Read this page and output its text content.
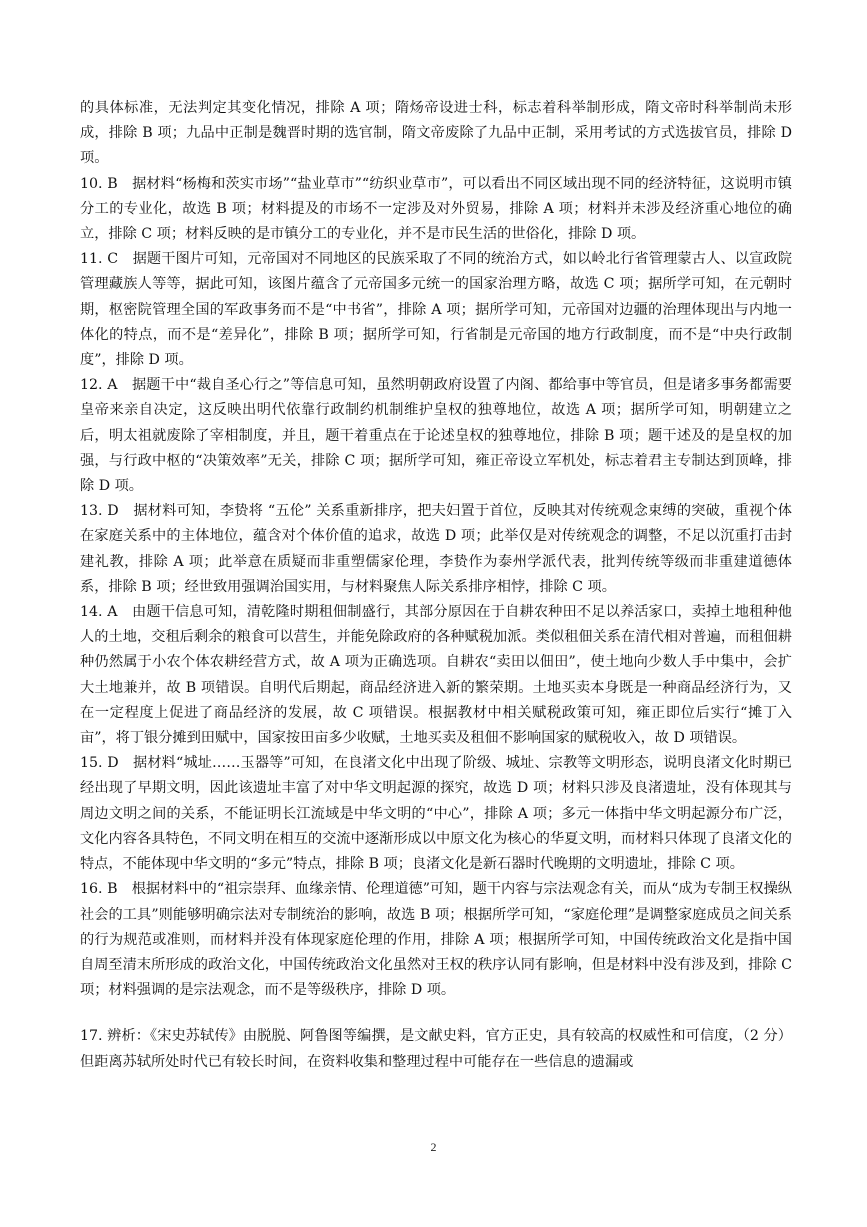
的具体标准，无法判定其变化情况，排除 A 项；隋炀帝设进士科，标志着科举制形成，隋文帝时科举制尚未形成，排除 B 项；九品中正制是魏晋时期的选官制，隋文帝废除了九品中正制，采用考试的方式选拔官员，排除 D 项。

10. B　据材料“杨梅和茨实市场”“盐业草市”“纺织业草市”，可以看出不同区域出现不同的经济特征，这说明市镇分工的专业化，故选 B 项；材料提及的市场不一定涉及对外贸易，排除 A 项；材料并未涉及经济重心地位的确立，排除 C 项；材料反映的是市镇分工的专业化，并不是市民生活的世俗化，排除 D 项。

11. C　据题干图片可知，元帝国对不同地区的民族采取了不同的统治方式，如以岭北行省管理蒙古人、以宣政院管理藏族人等等，据此可知，该图片蕴含了元帝国多元统一的国家治理方略，故选 C 项；据所学可知，在元朝时期，枢密院管理全国的军政事务而不是“中书省”，排除 A 项；据所学可知，元帝国对边疆的治理体现出与内地一体化的特点，而不是“差异化”，排除 B 项；据所学可知，行省制是元帝国的地方行政制度，而不是“中央行政制度”，排除 D 项。

12. A　据题干中“裁自圣心行之”等信息可知，虽然明朝政府设置了内阁、都给事中等官员，但是诸多事务都需要皇帝来亲自决定，这反映出明代依靠行政制约机制维护皇权的独尊地位，故选 A 项；据所学可知，明朝建立之后，明太祖就废除了宰相制度，并且，题干着重点在于论述皇权的独尊地位，排除 B 项；题干述及的是皇权的加强，与行政中枢的“决策效率”无关，排除 C 项；据所学可知，雍正帝设立军机处，标志着君主专制达到顶峰，排除 D 项。

13. D　据材料可知，李贽将 “五伦” 关系重新排序，把夫妇置于首位，反映其对传统观念束缚的突破，重视个体在家庭关系中的主体地位，蕴含对个体价值的追求，故选 D 项；此举仅是对传统观念的调整，不足以沉重打击封建礼教，排除 A 项；此举意在质疑而非重塑儒家伦理，李贽作为泰州学派代表，批判传统等级而非重建道德体系，排除 B 项；经世致用强调治国实用，与材料聚焦人际关系排序相悖，排除 C 项。

14. A　由题干信息可知，清乾隆时期租佃制盛行，其部分原因在于自耕农种田不足以养活家口，卖掉土地租种他人的土地，交租后剩余的粮食可以营生，并能免除政府的各种赋税加派。类似租佃关系在清代相对普遍，而租佃耕种仍然属于小农个体农耕经营方式，故 A 项为正确选项。自耕农“卖田以佃田”，使土地向少数人手中集中，会扩大土地兼并，故 B 项错误。自明代后期起，商品经济进入新的繁荣期。土地买卖本身既是一种商品经济行为，又在一定程度上促进了商品经济的发展，故 C 项错误。根据教材中相关赋税政策可知，雍正即位后实行“摊丁入亩”，将丁银分摊到田赋中，国家按田亩多少收赋，土地买卖及租佃不影响国家的赋税收入，故 D 项错误。

15. D　据材料“城址……玉器等”可知，在良渚文化中出现了阶级、城址、宗教等文明形态，说明良渚文化时期已经出现了早期文明，因此该遗址丰富了对中华文明起源的探究，故选 D 项；材料只涉及良渚遗址，没有体现其与周边文明之间的关系，不能证明长江流域是中华文明的“中心”，排除 A 项；多元一体指中华文明起源分布广泛，文化内容各具特色，不同文明在相互的交流中逐渐形成以中原文化为核心的华夏文明，而材料只体现了良渚文化的特点，不能体现中华文明的“多元”特点，排除 B 项；良渚文化是新石器时代晚期的文明遗址，排除 C 项。

16. B　根据材料中的“祖宗崇拜、血缘亲情、伦理道德”可知，题干内容与宗法观念有关，而从“成为专制王权操纵社会的工具”则能够明确宗法对专制统治的影响，故选 B 项；根据所学可知，“家庭伦理”是调整家庭成员之间关系的行为规范或准则，而材料并没有体现家庭伦理的作用，排除 A 项；根据所学可知，中国传统政治文化是指中国自周至清末所形成的政治文化，中国传统政治文化虽然对王权的秩序认同有影响，但是材料中没有涉及到，排除 C 项；材料强调的是宗法观念，而不是等级秩序，排除 D 项。

17. 辨析：《宋史苏轼传》由脱脱、阿鲁图等编撰，是文献史料，官方正史，具有较高的权威性和可信度，（2 分）但距离苏轼所处时代已有较长时间，在资料收集和整理过程中可能存在一些信息的遗漏或

2
